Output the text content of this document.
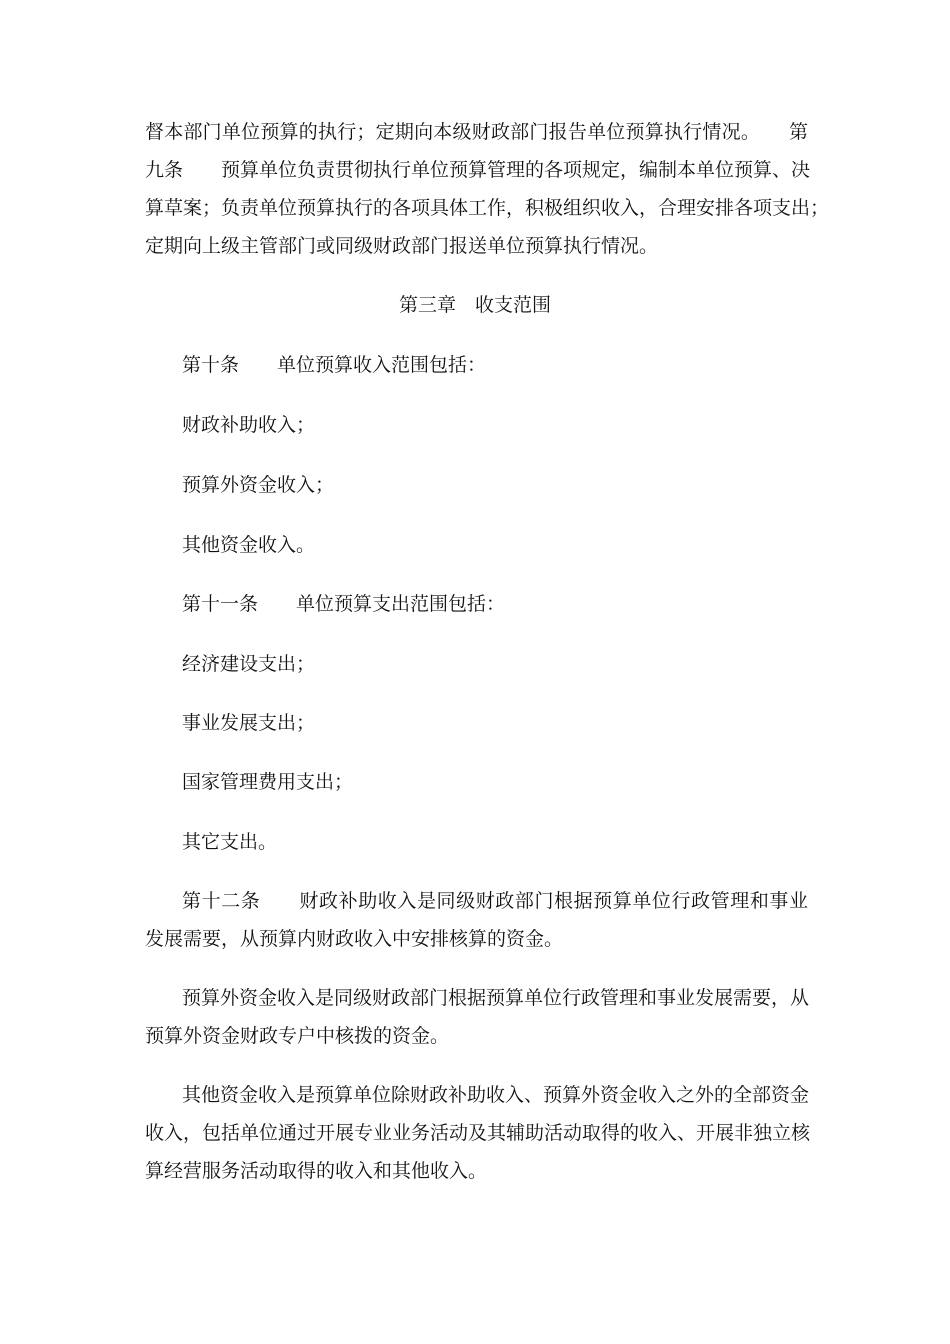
督本部门单位预算的执行；定期向本级财政部门报告单位预算执行情况。　　第
九条　　预算单位负责贯彻执行单位预算管理的各项规定，编制本单位预算、决
算草案；负责单位预算执行的各项具体工作，积极组织收入，合理安排各项支出；
定期向上级主管部门或同级财政部门报送单位预算执行情况。
第三章　收支范围
第十条　　单位预算收入范围包括：
财政补助收入；
预算外资金收入；
其他资金收入。
第十一条　　单位预算支出范围包括：
经济建设支出；
事业发展支出；
国家管理费用支出；
其它支出。
第十二条　　财政补助收入是同级财政部门根据预算单位行政管理和事业
发展需要，从预算内财政收入中安排核算的资金。
预算外资金收入是同级财政部门根据预算单位行政管理和事业发展需要，从
预算外资金财政专户中核拨的资金。
其他资金收入是预算单位除财政补助收入、预算外资金收入之外的全部资金
收入，包括单位通过开展专业业务活动及其辅助活动取得的收入、开展非独立核
算经营服务活动取得的收入和其他收入。
